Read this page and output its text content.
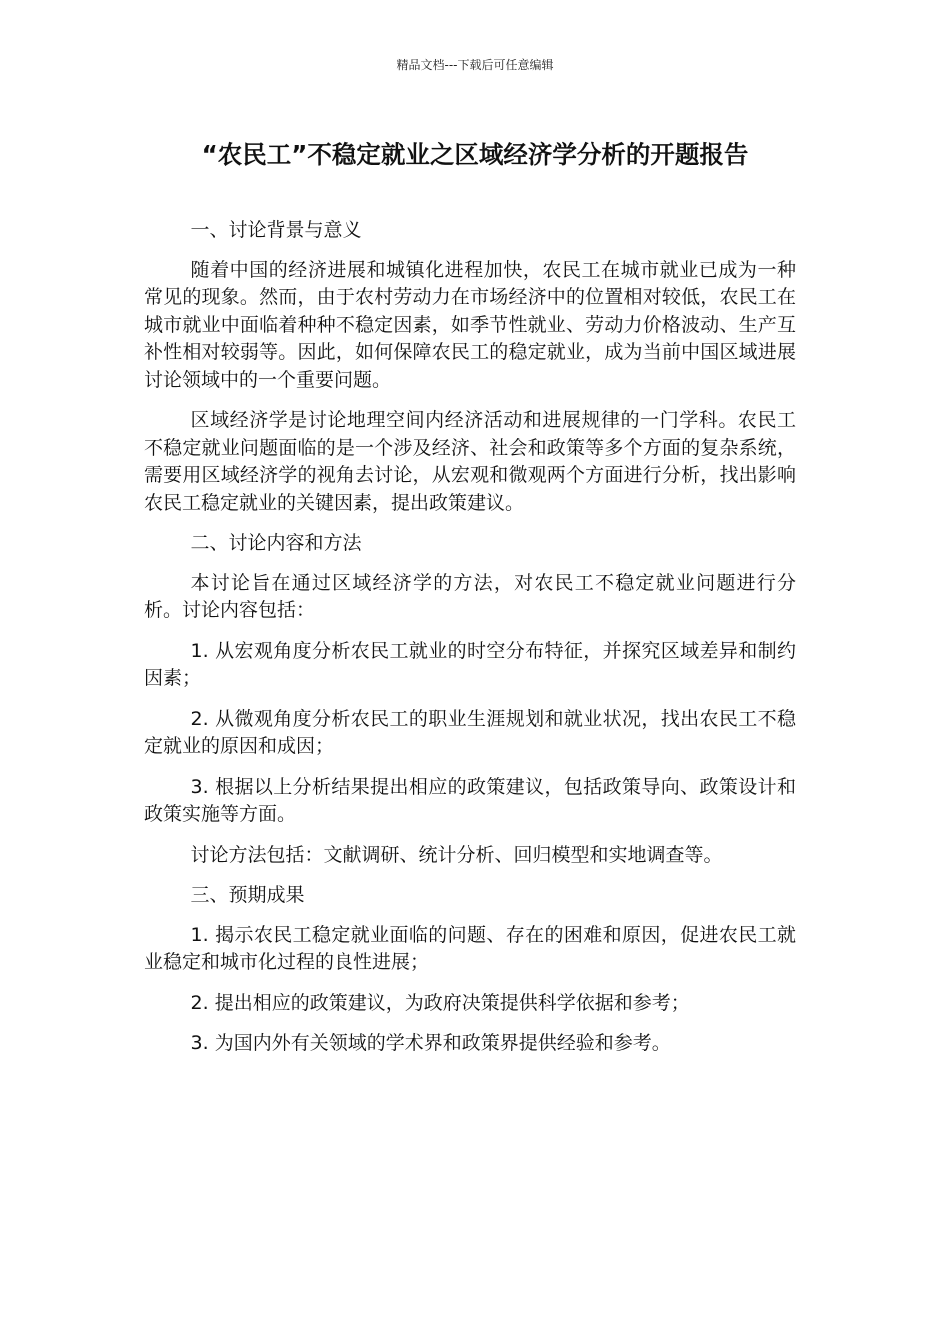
精品文档---下载后可任意编辑
“农民工”不稳定就业之区域经济学分析的开题报告

一、讨论背景与意义

随着中国的经济进展和城镇化进程加快，农民工在城市就业已成为一种常见的现象。然而，由于农村劳动力在市场经济中的位置相对较低，农民工在城市就业中面临着种种不稳定因素，如季节性就业、劳动力价格波动、生产互补性相对较弱等。因此，如何保障农民工的稳定就业，成为当前中国区域进展讨论领域中的一个重要问题。

区域经济学是讨论地理空间内经济活动和进展规律的一门学科。农民工不稳定就业问题面临的是一个涉及经济、社会和政策等多个方面的复杂系统，需要用区域经济学的视角去讨论，从宏观和微观两个方面进行分析，找出影响农民工稳定就业的关键因素，提出政策建议。

二、讨论内容和方法

本讨论旨在通过区域经济学的方法，对农民工不稳定就业问题进行分析。讨论内容包括：

1. 从宏观角度分析农民工就业的时空分布特征，并探究区域差异和制约因素；

2. 从微观角度分析农民工的职业生涯规划和就业状况，找出农民工不稳定就业的原因和成因；

3. 根据以上分析结果提出相应的政策建议，包括政策导向、政策设计和政策实施等方面。

讨论方法包括：文献调研、统计分析、回归模型和实地调查等。

三、预期成果

1. 揭示农民工稳定就业面临的问题、存在的困难和原因，促进农民工就业稳定和城市化过程的良性进展；

2. 提出相应的政策建议，为政府决策提供科学依据和参考；

3. 为国内外有关领域的学术界和政策界提供经验和参考。
